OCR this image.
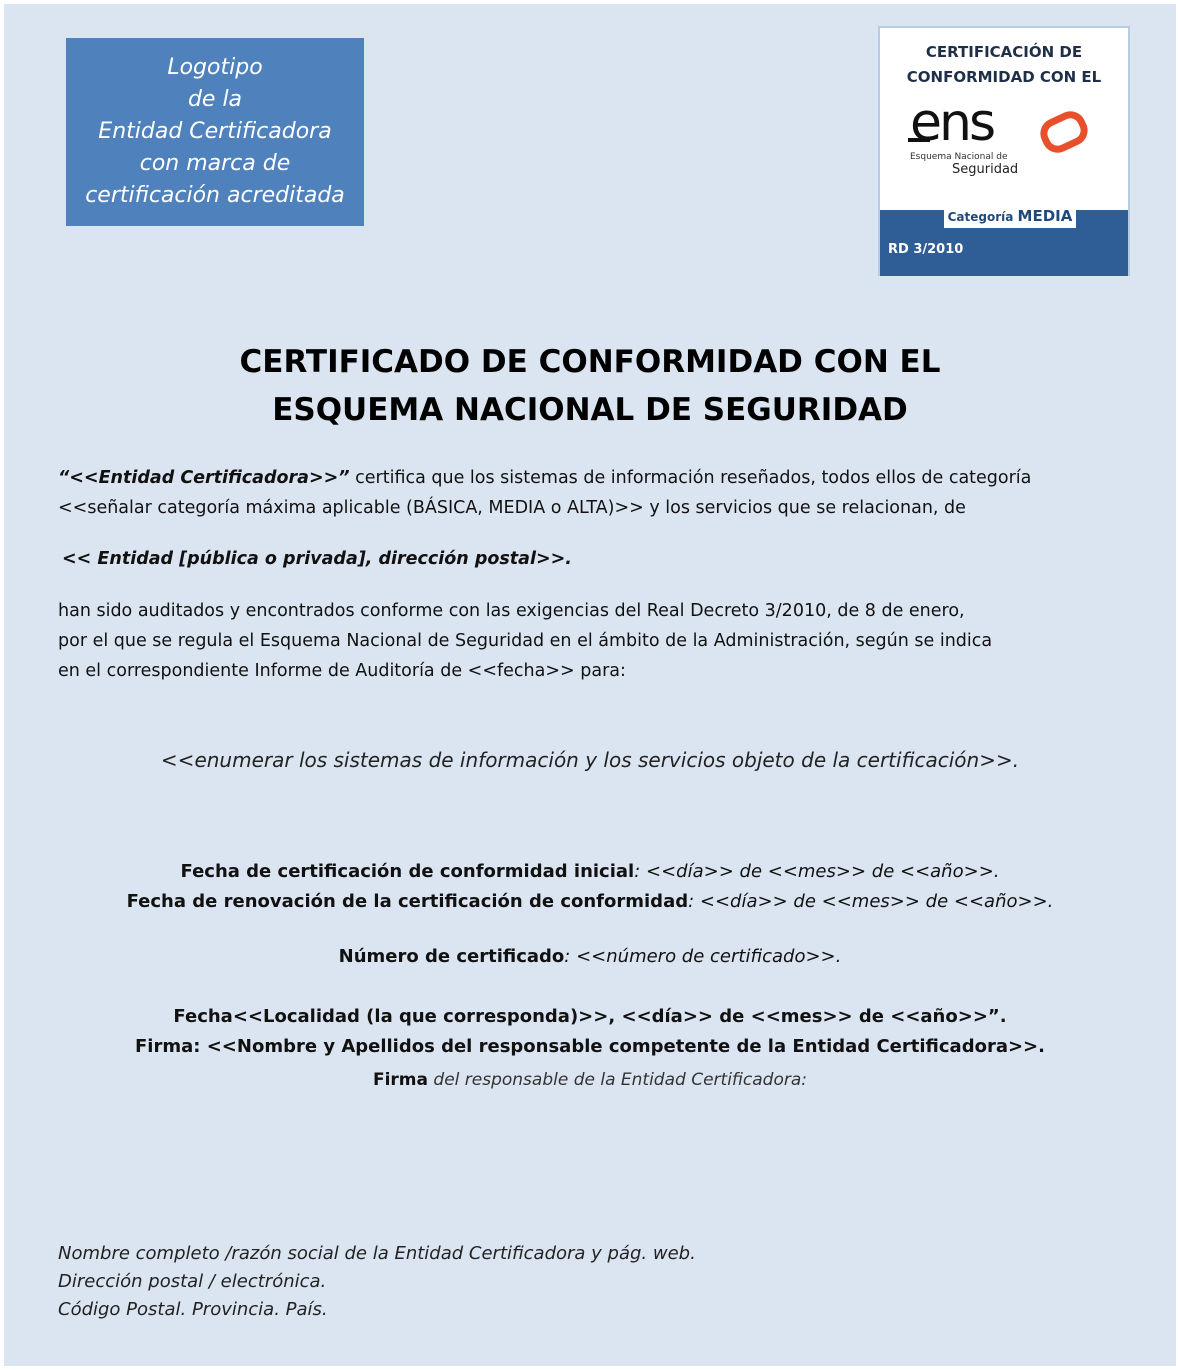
Logotipo
de la
Entidad Certificadora
con marca de
certificación acreditada
CERTIFICACIÓN DE
CONFORMIDAD CON EL
ens
Esquema Nacional de
Seguridad
Categoría MEDIA
RD 3/2010
CERTIFICADO DE CONFORMIDAD CON EL
ESQUEMA NACIONAL DE SEGURIDAD
“<<Entidad Certificadora>>” certifica que los sistemas de información reseñados, todos ellos de categoría
<<señalar categoría máxima aplicable (BÁSICA, MEDIA o ALTA)>> y los servicios que se relacionan, de
<< Entidad [pública o privada], dirección postal>>.
han sido auditados y encontrados conforme con las exigencias del Real Decreto 3/2010, de 8 de enero,
por el que se regula el Esquema Nacional de Seguridad en el ámbito de la Administración, según se indica
en el correspondiente Informe de Auditoría de <<fecha>> para:
<<enumerar los sistemas de información y los servicios objeto de la certificación>>.
Fecha de certificación de conformidad inicial: <<día>> de <<mes>> de <<año>>.
Fecha de renovación de la certificación de conformidad: <<día>> de <<mes>> de <<año>>.
Número de certificado: <<número de certificado>>.
Fecha<<Localidad (la que corresponda)>>, <<día>> de <<mes>> de <<año>>”.
Firma: <<Nombre y Apellidos del responsable competente de la Entidad Certificadora>>.
Firma del responsable de la Entidad Certificadora:
Nombre completo /razón social de la Entidad Certificadora y pág. web.
Dirección postal / electrónica.
Código Postal. Provincia. País.
